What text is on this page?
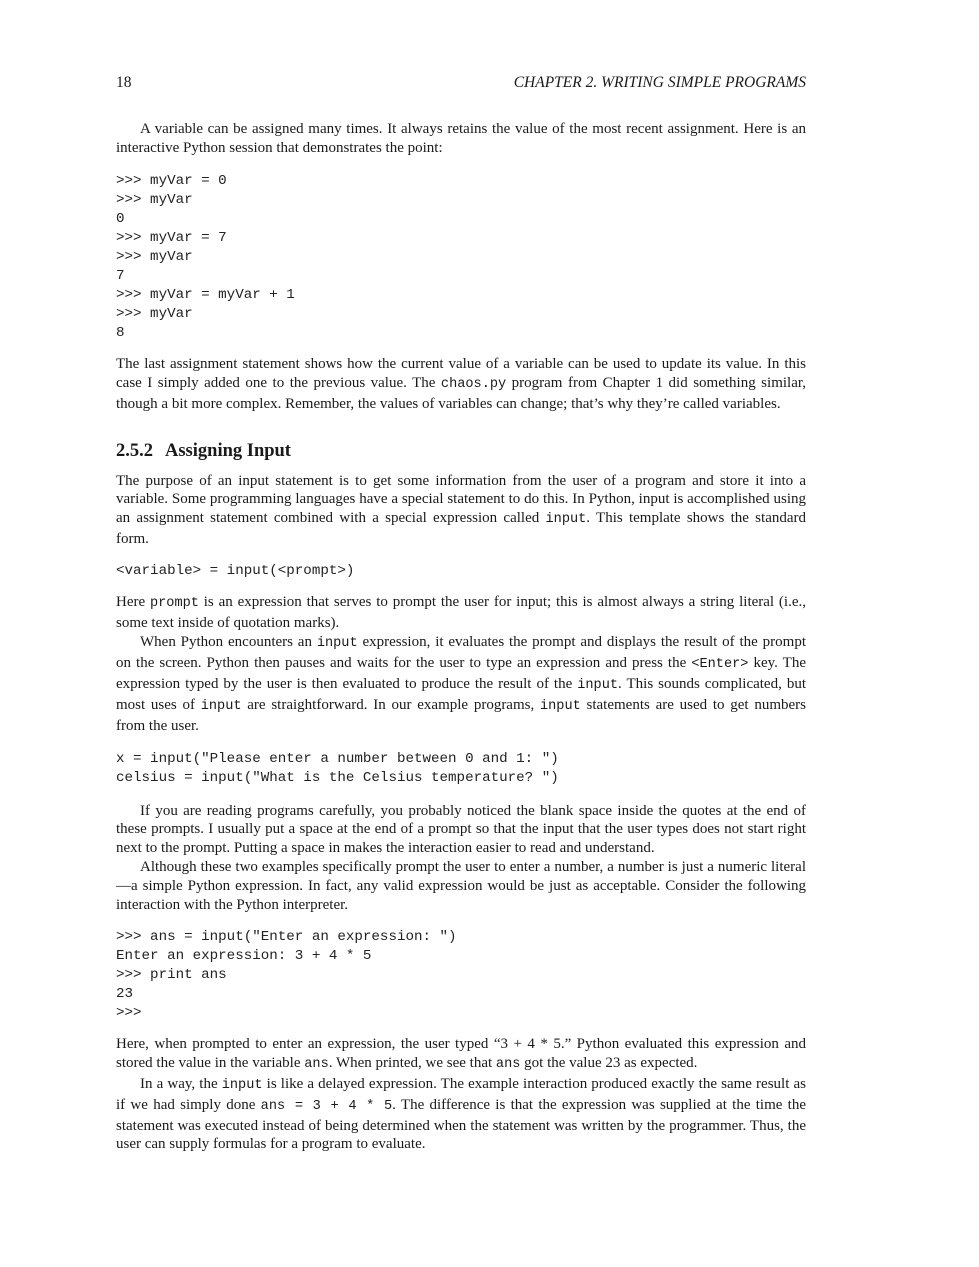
18	CHAPTER 2. WRITING SIMPLE PROGRAMS

A variable can be assigned many times. It always retains the value of the most recent assignment. Here is an interactive Python session that demonstrates the point:

>>> myVar = 0
>>> myVar
0
>>> myVar = 7
>>> myVar
7
>>> myVar = myVar + 1
>>> myVar
8

The last assignment statement shows how the current value of a variable can be used to update its value. In this case I simply added one to the previous value. The chaos.py program from Chapter 1 did something similar, though a bit more complex. Remember, the values of variables can change; that’s why they’re called variables.

2.5.2 Assigning Input

The purpose of an input statement is to get some information from the user of a program and store it into a variable. Some programming languages have a special statement to do this. In Python, input is accomplished using an assignment statement combined with a special expression called input. This template shows the standard form.

<variable> = input(<prompt>)

Here prompt is an expression that serves to prompt the user for input; this is almost always a string literal (i.e., some text inside of quotation marks).

When Python encounters an input expression, it evaluates the prompt and displays the result of the prompt on the screen. Python then pauses and waits for the user to type an expression and press the <Enter> key. The expression typed by the user is then evaluated to produce the result of the input. This sounds complicated, but most uses of input are straightforward. In our example programs, input statements are used to get numbers from the user.

x = input("Please enter a number between 0 and 1: ")
celsius = input("What is the Celsius temperature? ")

If you are reading programs carefully, you probably noticed the blank space inside the quotes at the end of these prompts. I usually put a space at the end of a prompt so that the input that the user types does not start right next to the prompt. Putting a space in makes the interaction easier to read and understand.

Although these two examples specifically prompt the user to enter a number, a number is just a numeric literal—a simple Python expression. In fact, any valid expression would be just as acceptable. Consider the following interaction with the Python interpreter.

>>> ans = input("Enter an expression: ")
Enter an expression: 3 + 4 * 5
>>> print ans
23
>>>

Here, when prompted to enter an expression, the user typed “3 + 4 * 5.” Python evaluated this expression and stored the value in the variable ans. When printed, we see that ans got the value 23 as expected.

In a way, the input is like a delayed expression. The example interaction produced exactly the same result as if we had simply done ans = 3 + 4 * 5. The difference is that the expression was supplied at the time the statement was executed instead of being determined when the statement was written by the programmer. Thus, the user can supply formulas for a program to evaluate.
